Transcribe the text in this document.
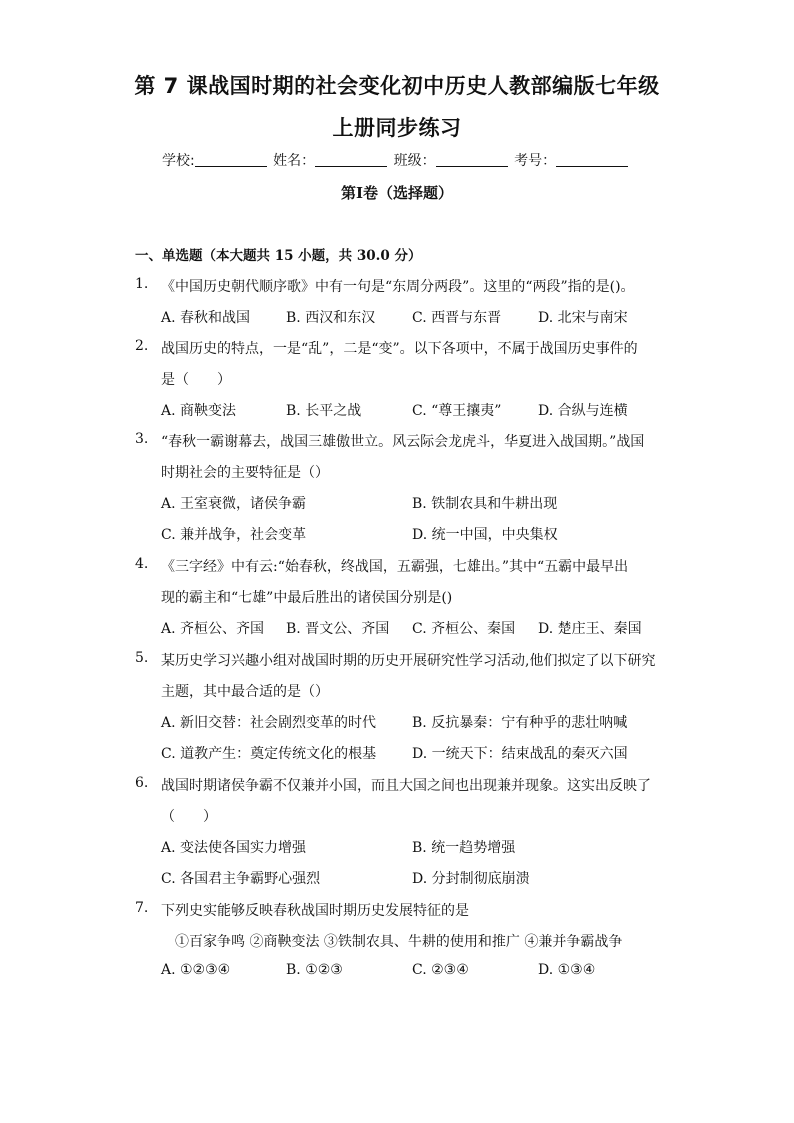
第 7 课战国时期的社会变化初中历史人教部编版七年级
上册同步练习
学校:	姓名：	班级：	考号：
第Ⅰ卷（选择题）
一、单选题（本大题共 15 小题，共 30.0 分）
1. 《中国历史朝代顺序歌》中有一句是“东周分两段”。这里的“两段”指的是()。
A. 春秋和战国	B. 西汉和东汉	C. 西晋与东晋	D. 北宋与南宋
2. 战国历史的特点，一是“乱”，二是“变”。以下各项中，不属于战国历史事件的
是（　　）
A. 商鞅变法	B. 长平之战	C. “尊王攘夷”	D. 合纵与连横
3. “春秋一霸谢幕去，战国三雄傲世立。风云际会龙虎斗，华夏进入战国期。”战国
时期社会的主要特征是（）
A. 王室衰微，诸侯争霸	B. 铁制农具和牛耕出现
C. 兼并战争，社会变革	D. 统一中国，中央集权
4. 《三字经》中有云:“始春秋，终战国，五霸强，七雄出。”其中“五霸中最早出
现的霸主和“七雄”中最后胜出的诸侯国分别是()
A. 齐桓公、齐国 B. 晋文公、齐国 C. 齐桓公、秦国 D. 楚庄王、秦国
5. 某历史学习兴趣小组对战国时期的历史开展研究性学习活动,他们拟定了以下研究
主题，其中最合适的是（）
A. 新旧交替：社会剧烈变革的时代	B. 反抗暴秦：宁有种乎的悲壮呐喊
C. 道教产生：奠定传统文化的根基	D. 一统天下：结束战乱的秦灭六国
6. 战国时期诸侯争霸不仅兼并小国，而且大国之间也出现兼并现象。这实出反映了
（　　）
A. 变法使各国实力增强	B. 统一趋势增强
C. 各国君主争霸野心强烈	D. 分封制彻底崩溃
7. 下列史实能够反映春秋战国时期历史发展特征的是
　①百家争鸣 ②商鞅变法 ③铁制农具、牛耕的使用和推广 ④兼并争霸战争
A. ①②③④	B. ①②③	C. ②③④	D. ①③④
